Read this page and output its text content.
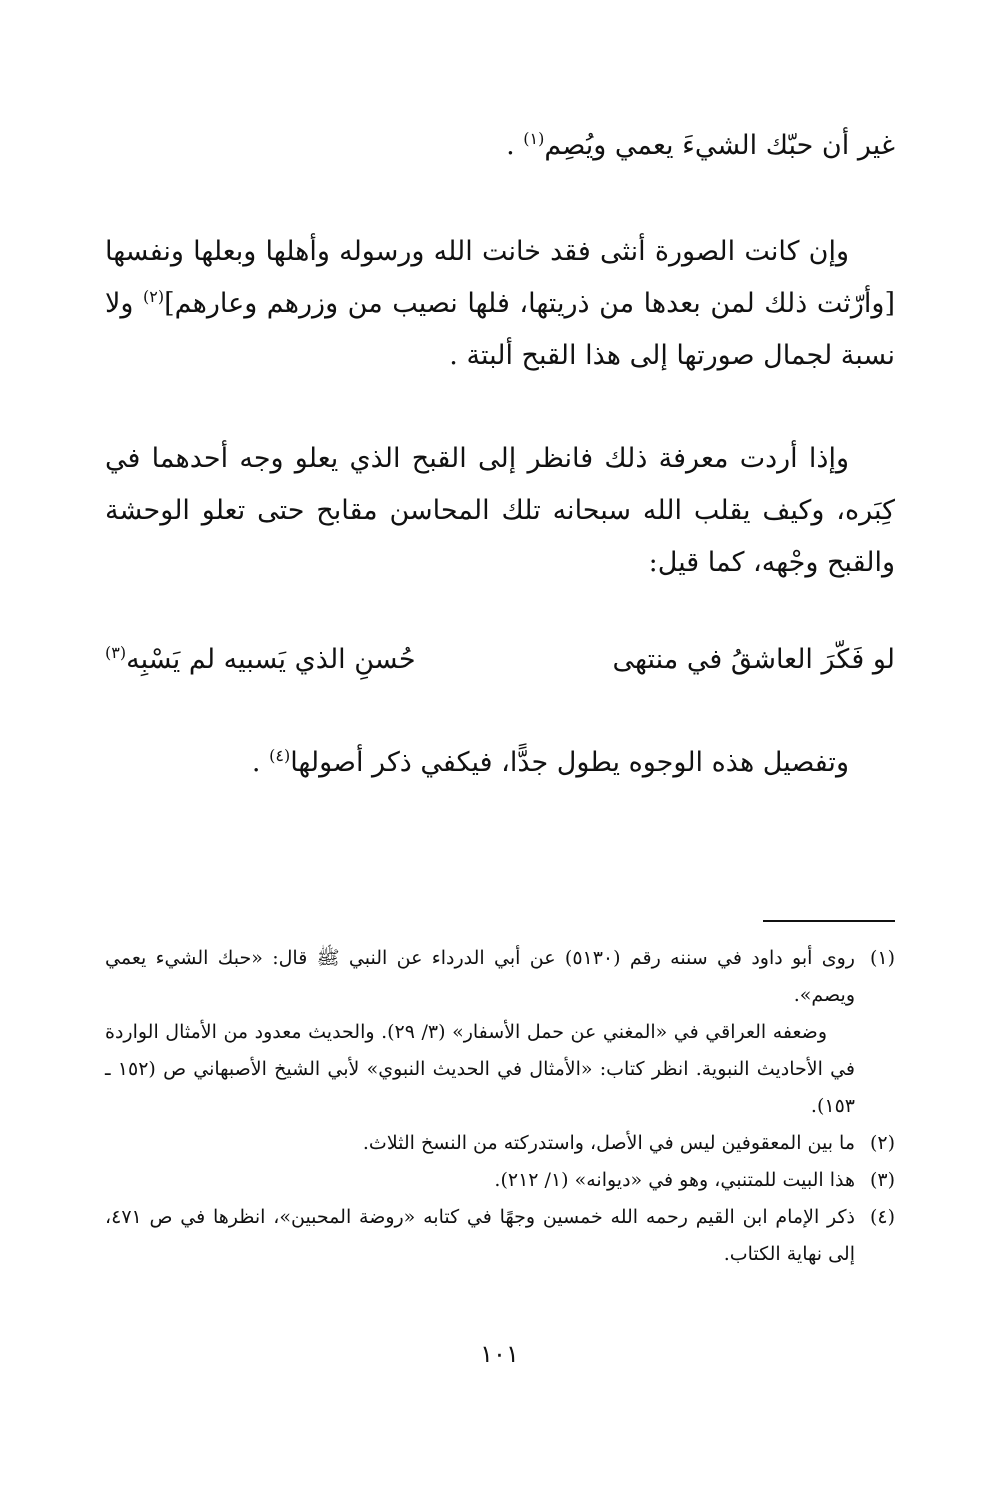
غير أن حبّك الشيءَ يعمي ويُصِم$^{(١)}$ .

وإن كانت الصورة أنثى فقد خانت الله ورسوله وأهلها وبعلها ونفسها [وأرّثت ذلك لمن بعدها من ذريتها، فلها نصيب من وزرهم وعارهم]$^{(٢)}$ ولا نسبة لجمال صورتها إلى هذا القبح ألبتة .

وإذا أردت معرفة ذلك فانظر إلى القبح الذي يعلو وجه أحدهما في كِبَره، وكيف يقلب الله سبحانه تلك المحاسن مقابح حتى تعلو الوحشة والقبح وجْهه، كما قيل:

لو فَكّرَ العاشقُ في منتهى
حُسنِ الذي يَسبيه لم يَسْبِه$^{(٣)}$

وتفصيل هذه الوجوه يطول جدًّا، فيكفي ذكر أصولها$^{(٤)}$ .

(١)
روى أبو داود في سننه رقم (٥١٣٠) عن أبي الدرداء عن النبي ﷺ قال: «حبك الشيء يعمي ويصم».
وضعفه العراقي في «المغني عن حمل الأسفار» (٣/ ٢٩). والحديث معدود من الأمثال الواردة في الأحاديث النبوية. انظر كتاب: «الأمثال في الحديث النبوي» لأبي الشيخ الأصبهاني ص (١٥٢ ـ ١٥٣).
(٢)
ما بين المعقوفين ليس في الأصل، واستدركته من النسخ الثلاث.
(٣)
هذا البيت للمتنبي، وهو في «ديوانه» (١/ ٢١٢).
(٤)
ذكر الإمام ابن القيم رحمه الله خمسين وجهًا في كتابه «روضة المحبين»، انظرها في ص ٤٧١، إلى نهاية الكتاب.
١٠١
